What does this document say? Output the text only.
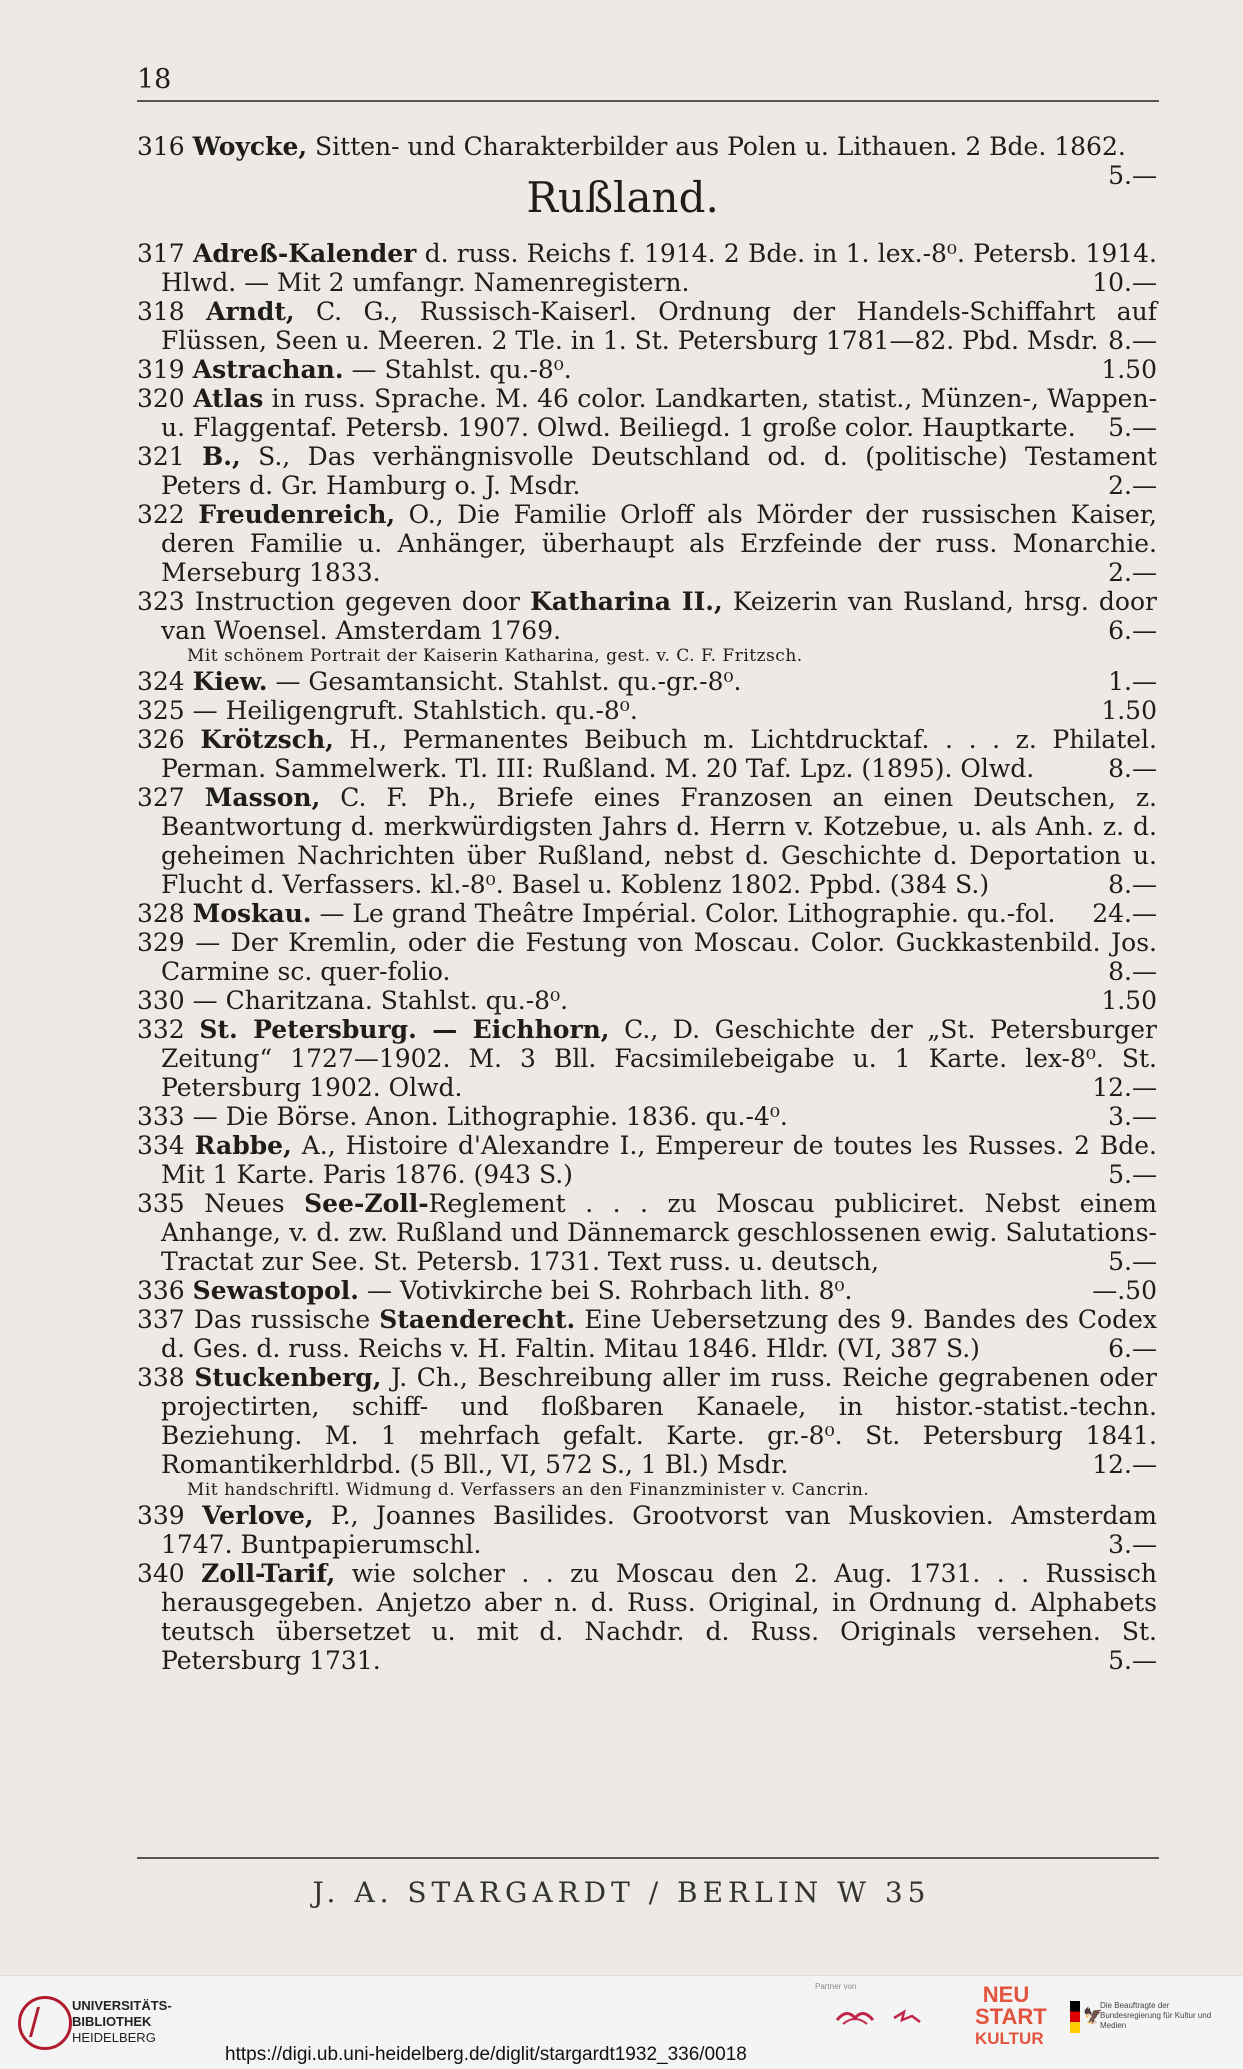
18
316 Woycke, Sitten- und Charakterbilder aus Polen u. Lithauen. 2 Bde. 1862.
5.—
Rußland.
317 Adreß-Kalender d. russ. Reichs f. 1914. 2 Bde. in 1. lex.-8⁰. Petersb. 1914. Hlwd. — Mit 2 umfangr. Namenregistern.	10.—
318 Arndt, C. G., Russisch-Kaiserl. Ordnung der Handels-Schiffahrt auf Flüssen, Seen u. Meeren. 2 Tle. in 1. St. Petersburg 1781—82. Pbd. Msdr. 8.—
319 Astrachan. — Stahlst. qu.-8⁰.	1.50
320 Atlas in russ. Sprache. M. 46 color. Landkarten, statist., Münzen-, Wappen- u. Flaggentaf. Petersb. 1907. Olwd. Beiliegd. 1 große color. Hauptkarte. 5.—
321 B., S., Das verhängnisvolle Deutschland od. d. (politische) Testament Peters d. Gr. Hamburg o. J. Msdr.	2.—
322 Freudenreich, O., Die Familie Orloff als Mörder der russischen Kaiser, deren Familie u. Anhänger, überhaupt als Erzfeinde der russ. Monarchie. Merseburg 1833.	2.—
323 Instruction gegeven door Katharina II., Keizerin van Rusland, hrsg. door van Woensel. Amsterdam 1769.	6.—
Mit schönem Portrait der Kaiserin Katharina, gest. v. C. F. Fritzsch.
324 Kiew. — Gesamtansicht. Stahlst. qu.-gr.-8⁰.	1.—
325 — Heiligengruft. Stahlstich. qu.-8⁰.	1.50
326 Krötzsch, H., Permanentes Beibuch m. Lichtdrucktaf. . . . z. Philatel. Perman. Sammelwerk. Tl. III: Rußland. M. 20 Taf. Lpz. (1895). Olwd.	8.—
327 Masson, C. F. Ph., Briefe eines Franzosen an einen Deutschen, z. Beantwortung d. merkwürdigsten Jahrs d. Herrn v. Kotzebue, u. als Anh. z. d. geheimen Nachrichten über Rußland, nebst d. Geschichte d. Deportation u. Flucht d. Verfassers. kl.-8⁰. Basel u. Koblenz 1802. Ppbd. (384 S.)	8.—
328 Moskau. — Le grand Theâtre Impérial. Color. Lithographie. qu.-fol. 24.—
329 — Der Kremlin, oder die Festung von Moscau. Color. Guckkastenbild. Jos. Carmine sc. quer-folio.	8.—
330 — Charitzana. Stahlst. qu.-8⁰.	1.50
332 St. Petersburg. — Eichhorn, C., D. Geschichte der „St. Petersburger Zeitung“ 1727—1902. M. 3 Bll. Facsimilebeigabe u. 1 Karte. lex-8⁰. St. Petersburg 1902. Olwd.	12.—
333 — Die Börse. Anon. Lithographie. 1836. qu.-4⁰.	3.—
334 Rabbe, A., Histoire d'Alexandre I., Empereur de toutes les Russes. 2 Bde. Mit 1 Karte. Paris 1876. (943 S.)	5.—
335 Neues See-Zoll-Reglement . . . zu Moscau publiciret. Nebst einem Anhange, v. d. zw. Rußland und Dännemarck geschlossenen ewig. Salutations-Tractat zur See. St. Petersb. 1731. Text russ. u. deutsch,	5.—
336 Sewastopol. — Votivkirche bei S. Rohrbach lith. 8⁰.	—.50
337 Das russische Staenderecht. Eine Uebersetzung des 9. Bandes des Codex d. Ges. d. russ. Reichs v. H. Faltin. Mitau 1846. Hldr. (VI, 387 S.)	6.—
338 Stuckenberg, J. Ch., Beschreibung aller im russ. Reiche gegrabenen oder projectirten, schiff- und floßbaren Kanaele, in histor.-statist.-techn. Beziehung. M. 1 mehrfach gefalt. Karte. gr.-8⁰. St. Petersburg 1841. Romantikerhldrbd. (5 Bll., VI, 572 S., 1 Bl.) Msdr.	12.—
Mit handschriftl. Widmung d. Verfassers an den Finanzminister v. Cancrin.
339 Verlove, P., Joannes Basilides. Grootvorst van Muskovien. Amsterdam 1747. Buntpapierumschl.	3.—
340 Zoll-Tarif, wie solcher . . zu Moscau den 2. Aug. 1731. . . Russisch herausgegeben. Anjetzo aber n. d. Russ. Original, in Ordnung d. Alphabets teutsch übersetzet u. mit d. Nachdr. d. Russ. Originals versehen. St. Petersburg 1731.	5.—
J. A. STARGARDT / BERLIN W 35
UNIVERSITÄTS-
BIBLIOTHEK
HEIDELBERG
https://digi.ub.uni-heidelberg.de/diglit/stargardt1932_336/0018
Partner von	NEU
START
KULTUR
🦅
Die Beauftragte der Bundesregierung für Kultur und Medien
